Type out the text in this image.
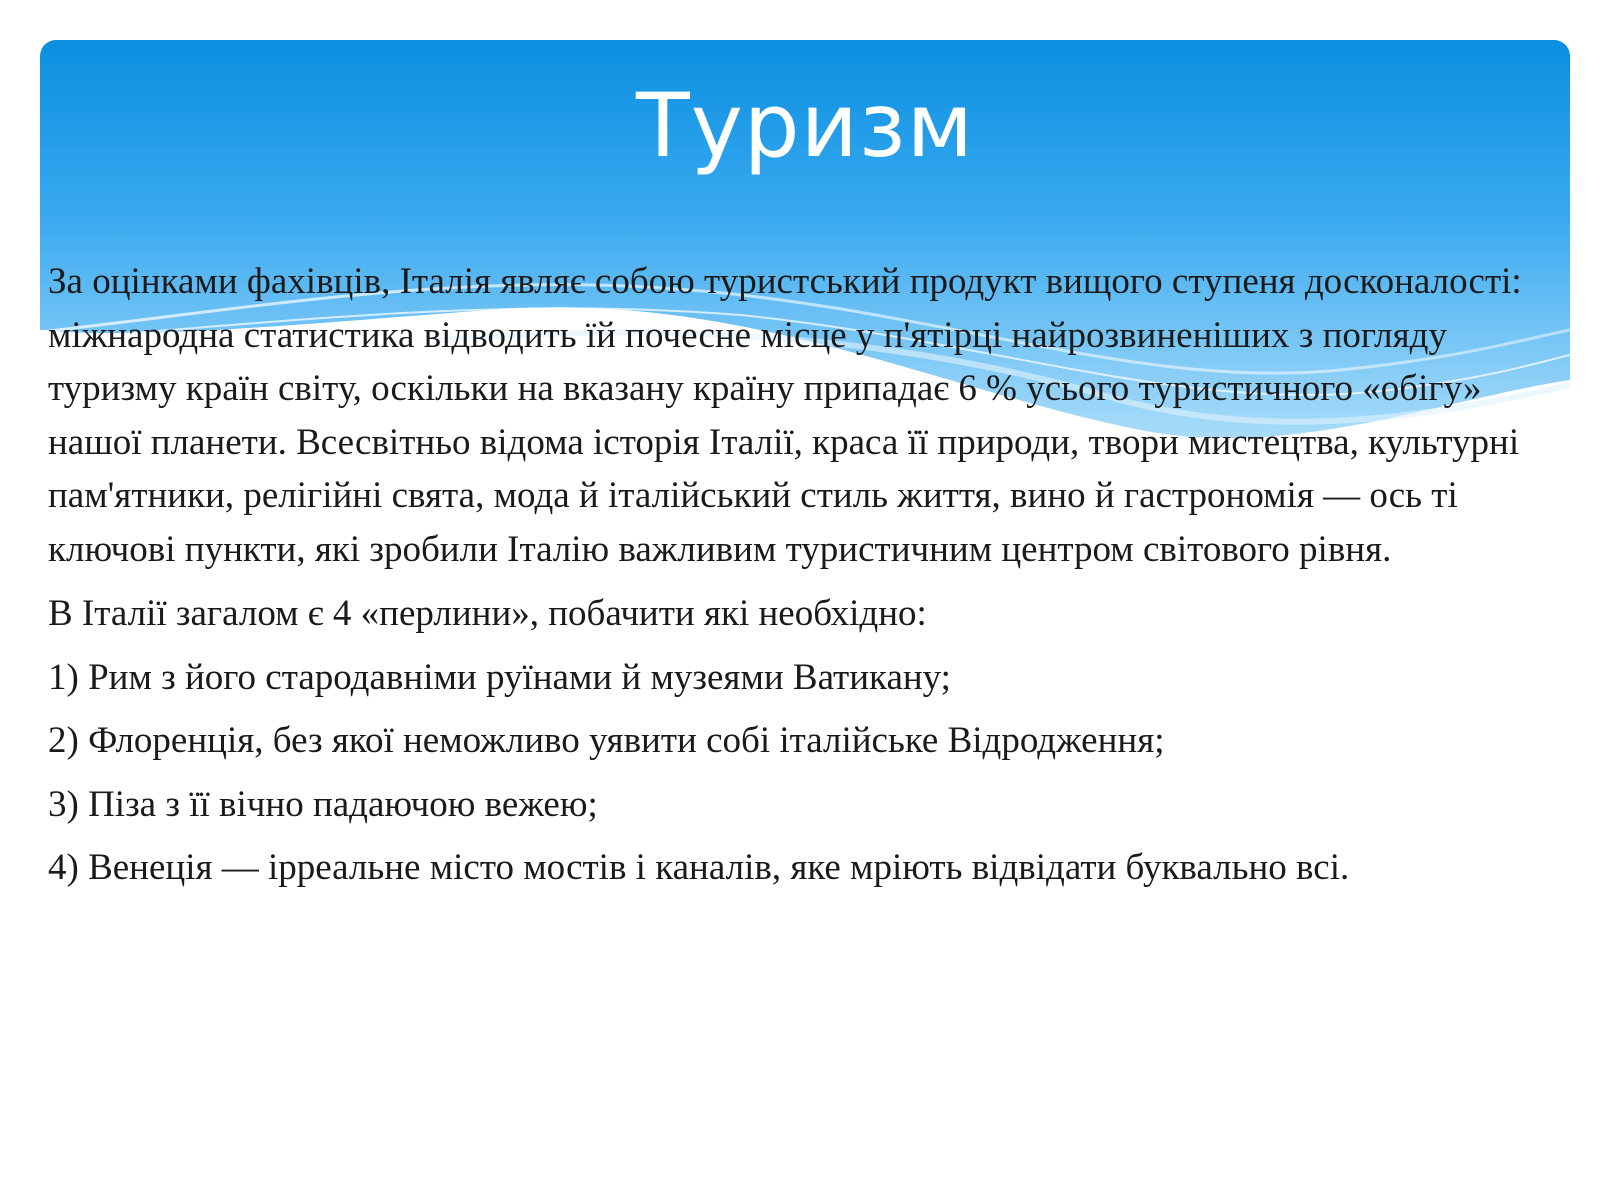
Туризм

За оцінками фахівців, Італія являє собою туристський продукт вищого ступеня досконалості: міжнародна статистика відводить їй почесне місце у п'ятірці найрозвиненіших з погляду туризму країн світу, оскільки на вказану країну припадає 6 % усього туристичного «обігу» нашої планети. Всесвітньо відома історія Італії, краса її природи, твори мистецтва, культурні пам'ятники, релігійні свята, мода й італійський стиль життя, вино й гастрономія — ось ті ключові пункти, які зробили Італію важливим туристичним центром світового рівня.

В Італії загалом є 4 «перлини», побачити які необхідно:

1) Рим з його стародавніми руїнами й музеями Ватикану;

2) Флоренція, без якої неможливо уявити собі італійське Відродження;

3) Піза з її вічно падаючою вежею;

4) Венеція — ірреальне місто мостів і каналів, яке мріють відвідати буквально всі.
